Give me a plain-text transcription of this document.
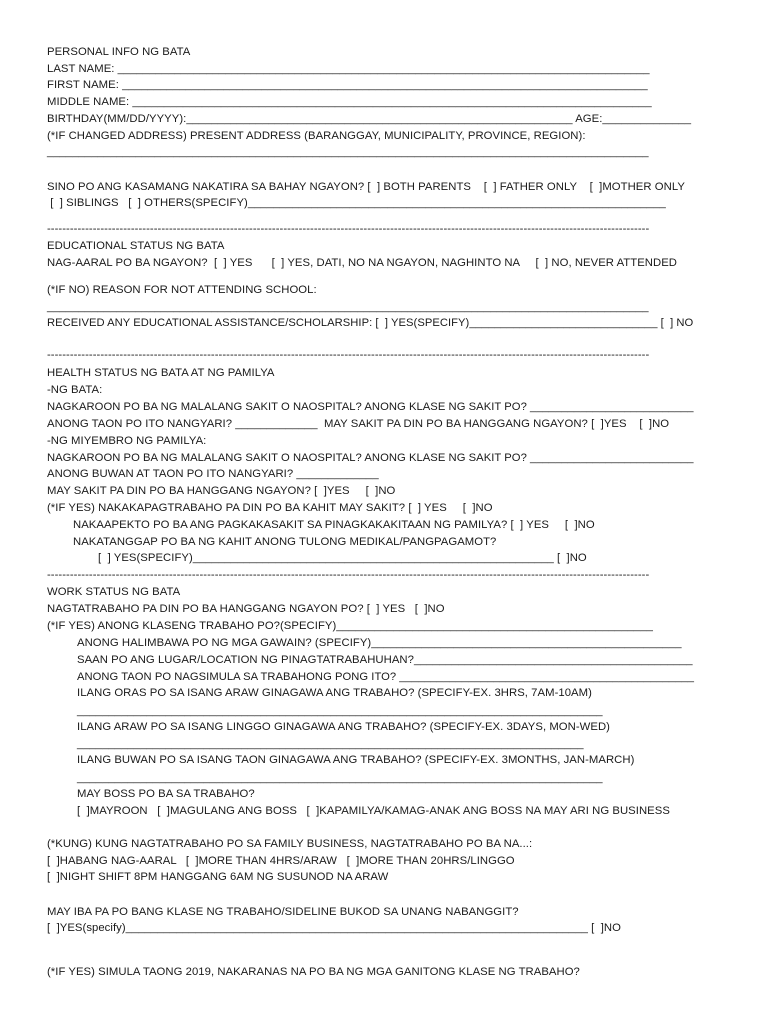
PERSONAL INFO NG BATA
LAST NAME: ____________________________________________________________________________________
FIRST NAME: ___________________________________________________________________________________
MIDDLE NAME: __________________________________________________________________________________
BIRTHDAY(MM/DD/YYYY):_____________________________________________________________ AGE:______________
(*IF CHANGED ADDRESS) PRESENT ADDRESS (BARANGGAY, MUNICIPALITY, PROVINCE, REGION):
_______________________________________________________________________________________________
SINO PO ANG KASAMANG NAKATIRA SA BAHAY NGAYON? [  ] BOTH PARENTS    [  ] FATHER ONLY    [  ]MOTHER ONLY
[  ] SIBLINGS   [  ] OTHERS(SPECIFY)__________________________________________________________________
--------------------------------------------------------------------------------------------------------------------------------------------------------------
EDUCATIONAL STATUS NG BATA
NAG-AARAL PO BA NGAYON?  [  ] YES      [  ] YES, DATI, NO NA NGAYON, NAGHINTO NA     [  ] NO, NEVER ATTENDED
(*IF NO) REASON FOR NOT ATTENDING SCHOOL:
_______________________________________________________________________________________________
RECEIVED ANY EDUCATIONAL ASSISTANCE/SCHOLARSHIP: [  ] YES(SPECIFY)______________________________ [  ] NO
--------------------------------------------------------------------------------------------------------------------------------------------------------------
HEALTH STATUS NG BATA AT NG PAMILYA
-NG BATA:
NAGKAROON PO BA NG MALALANG SAKIT O NAOSPITAL? ANONG KLASE NG SAKIT PO? __________________________
ANONG TAON PO ITO NANGYARI? _____________  MAY SAKIT PA DIN PO BA HANGGANG NGAYON? [  ]YES    [  ]NO
-NG MIYEMBRO NG PAMILYA:
NAGKAROON PO BA NG MALALANG SAKIT O NAOSPITAL? ANONG KLASE NG SAKIT PO? __________________________
ANONG BUWAN AT TAON PO ITO NANGYARI? _____________
MAY SAKIT PA DIN PO BA HANGGANG NGAYON? [  ]YES     [  ]NO
(*IF YES) NAKAKAPAGTRABAHO PA DIN PO BA KAHIT MAY SAKIT? [  ] YES     [  ]NO
NAKAAPEKTO PO BA ANG PAGKAKASAKIT SA PINAGKAKAKITAAN NG PAMILYA? [  ] YES     [  ]NO
NAKATANGGAP PO BA NG KAHIT ANONG TULONG MEDIKAL/PANGPAGAMOT?
[  ] YES(SPECIFY)_________________________________________________________ [  ]NO
--------------------------------------------------------------------------------------------------------------------------------------------------------------
WORK STATUS NG BATA
NAGTATRABAHO PA DIN PO BA HANGGANG NGAYON PO? [  ] YES   [  ]NO
(*IF YES) ANONG KLASENG TRABAHO PO?(SPECIFY)__________________________________________________
ANONG HALIMBAWA PO NG MGA GAWAIN? (SPECIFY)_________________________________________________
SAAN PO ANG LUGAR/LOCATION NG PINAGTATRABAHUHAN?____________________________________________
ANONG TAON PO NAGSIMULA SA TRABAHONG PONG ITO? _______________________________________________
ILANG ORAS PO SA ISANG ARAW GINAGAWA ANG TRABAHO? (SPECIFY-EX. 3HRS, 7AM-10AM)
___________________________________________________________________________________
ILANG ARAW PO SA ISANG LINGGO GINAGAWA ANG TRABAHO? (SPECIFY-EX. 3DAYS, MON-WED)
________________________________________________________________________________
ILANG BUWAN PO SA ISANG TAON GINAGAWA ANG TRABAHO? (SPECIFY-EX. 3MONTHS, JAN-MARCH)
___________________________________________________________________________________
MAY BOSS PO BA SA TRABAHO?
[  ]MAYROON   [  ]MAGULANG ANG BOSS   [  ]KAPAMILYA/KAMAG-ANAK ANG BOSS NA MAY ARI NG BUSINESS
(*KUNG) KUNG NAGTATRABAHO PO SA FAMILY BUSINESS, NAGTATRABAHO PO BA NA...:
[  ]HABANG NAG-AARAL   [  ]MORE THAN 4HRS/ARAW   [  ]MORE THAN 20HRS/LINGGO
[  ]NIGHT SHIFT 8PM HANGGANG 6AM NG SUSUNOD NA ARAW
MAY IBA PA PO BANG KLASE NG TRABAHO/SIDELINE BUKOD SA UNANG NABANGGIT?
[  ]YES(specify)_________________________________________________________________________ [  ]NO
(*IF YES) SIMULA TAONG 2019, NAKARANAS NA PO BA NG MGA GANITONG KLASE NG TRABAHO?
